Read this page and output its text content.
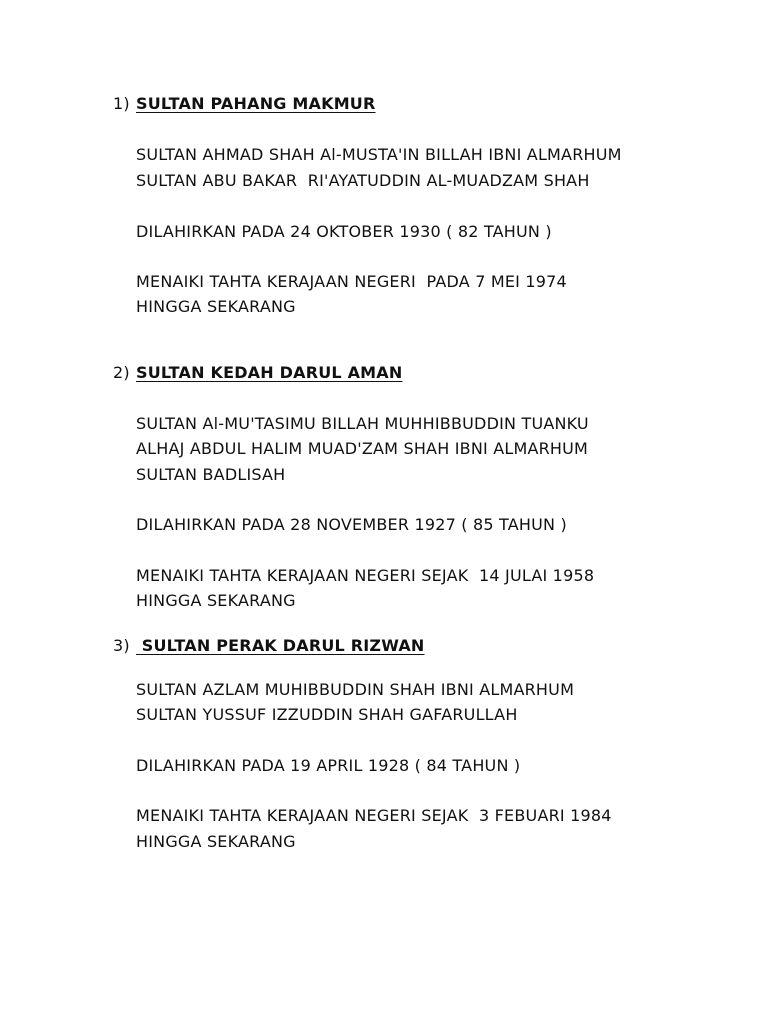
1) SULTAN PAHANG MAKMUR
SULTAN AHMAD SHAH Al-MUSTA'IN BILLAH IBNI ALMARHUM
SULTAN ABU BAKAR  RI'AYATUDDIN AL-MUADZAM SHAH
DILAHIRKAN PADA 24 OKTOBER 1930 ( 82 TAHUN )
MENAIKI TAHTA KERAJAAN NEGERI  PADA 7 MEI 1974
HINGGA SEKARANG
2) SULTAN KEDAH DARUL AMAN
SULTAN Al-MU'TASIMU BILLAH MUHHIBBUDDIN TUANKU
ALHAJ ABDUL HALIM MUAD'ZAM SHAH IBNI ALMARHUM
SULTAN BADLISAH
DILAHIRKAN PADA 28 NOVEMBER 1927 ( 85 TAHUN )
MENAIKI TAHTA KERAJAAN NEGERI SEJAK  14 JULAI 1958
HINGGA SEKARANG
3) SULTAN PERAK DARUL RIZWAN
SULTAN AZLAM MUHIBBUDDIN SHAH IBNI ALMARHUM
SULTAN YUSSUF IZZUDDIN SHAH GAFARULLAH
DILAHIRKAN PADA 19 APRIL 1928 ( 84 TAHUN )
MENAIKI TAHTA KERAJAAN NEGERI SEJAK  3 FEBUARI 1984
HINGGA SEKARANG
